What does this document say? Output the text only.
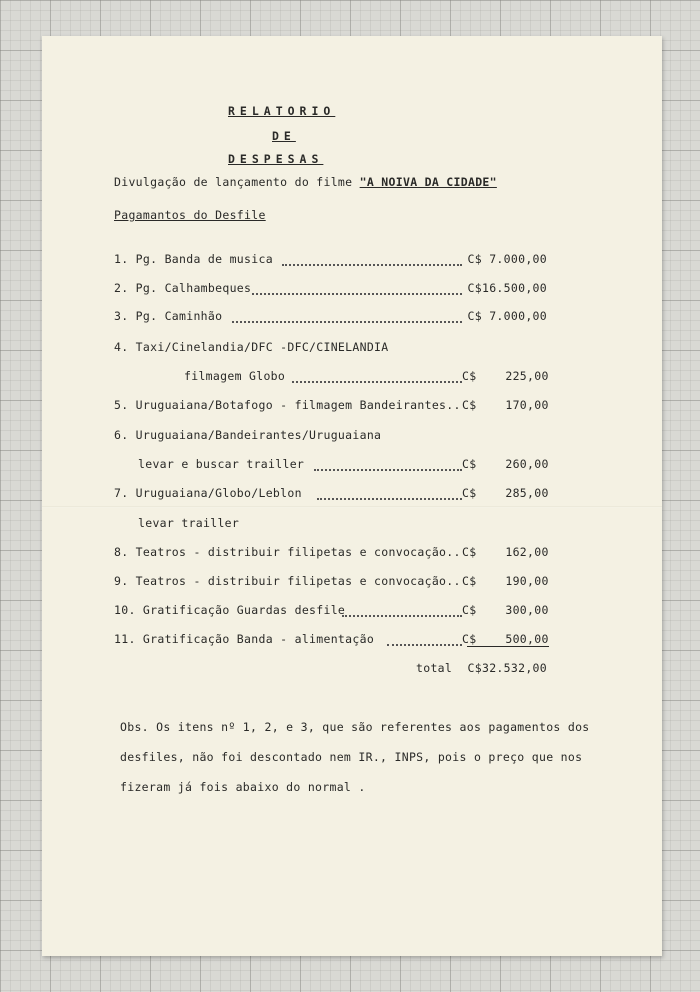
RELATORIO
DE
DESPESAS
Divulgação de lançamento do filme "A NOIVA DA CIDADE"
Pagamantos do Desfile
1. Pg. Banda de musica	C$ 7.000,00
2. Pg. Calhambeques	C$16.500,00
3. Pg. Caminhão	C$ 7.000,00
4. Taxi/Cinelandia/DFC -DFC/CINELANDIA
filmagem Globo	C$    225,00
5. Uruguaiana/Botafogo - filmagem Bandeirantes.. C$    170,00
6. Uruguaiana/Bandeirantes/Uruguaiana
levar e buscar trailler	C$    260,00
7. Uruguaiana/Globo/Leblon	C$    285,00
levar trailler
8. Teatros - distribuir filipetas e convocação.. C$    162,00
9. Teatros - distribuir filipetas e convocação.. C$    190,00
10. Gratificação Guardas desfile	C$    300,00
11. Gratificação Banda - alimentação	C$    500,00
total	C$32.532,00
Obs. Os itens nº 1, 2, e 3, que são referentes aos pagamentos dos
desfiles, não foi descontado nem IR., INPS, pois o preço que nos
fizeram já fois abaixo do normal .
